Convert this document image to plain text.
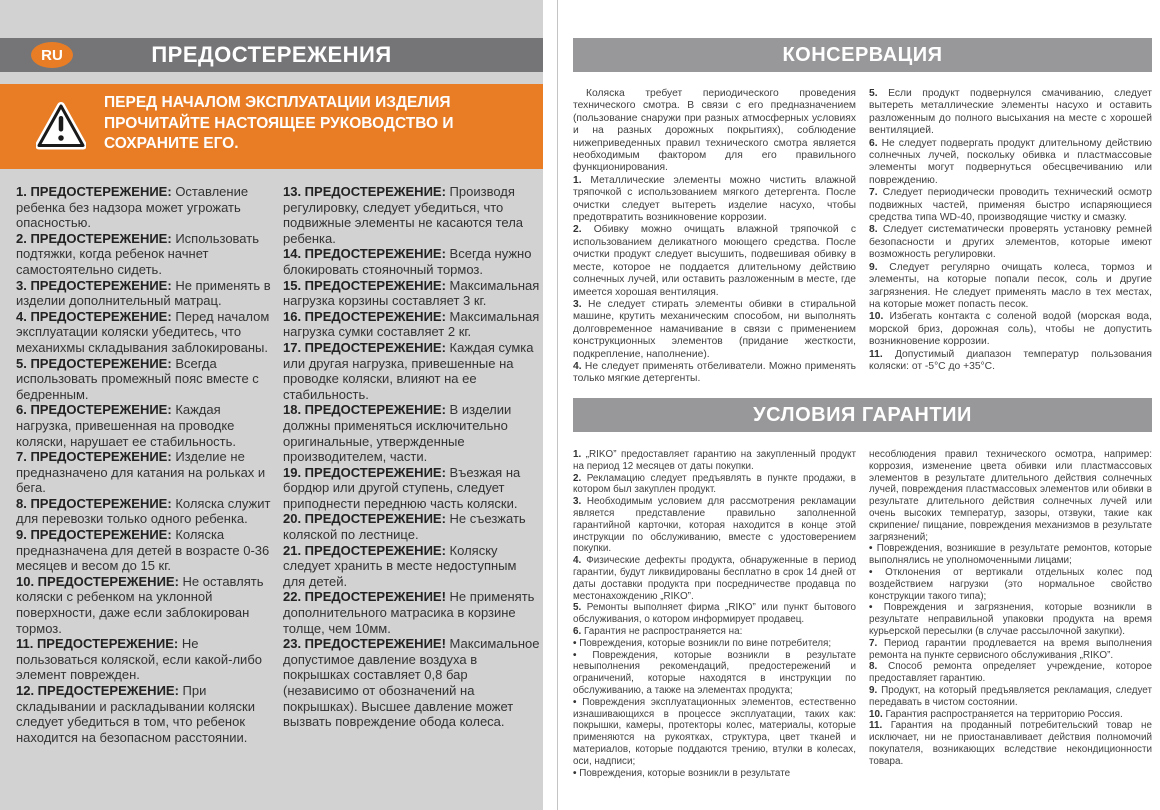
RU	ПРЕДОСТЕРЕЖЕНИЯ

ПЕРЕД НАЧАЛОМ ЭКСПЛУАТАЦИИ ИЗДЕЛИЯ ПРОЧИТАЙТЕ НАСТОЯЩЕЕ РУКОВОДСТВО И СОХРАНИТЕ ЕГО.

1. ПРЕДОСТЕРЕЖЕНИЕ: Оставление ребенка без надзора может угрожать опасностью.

2. ПРЕДОСТЕРЕЖЕНИЕ: Использовать подтяжки, когда ребенок начнет самостоятельно сидеть.

3. ПРЕДОСТЕРЕЖЕНИЕ: Не применять в изделии дополнительный матрац.

4. ПРЕДОСТЕРЕЖЕНИЕ: Перед началом эксплуатации коляски убедитесь, что механихмы складывания заблокированы.

5. ПРЕДОСТЕРЕЖЕНИЕ: Всегда использовать промежный пояс вместе с бедренным.

6. ПРЕДОСТЕРЕЖЕНИЕ: Каждая нагрузка, привешенная на проводке коляски, нарушает ее стабильность.

7. ПРЕДОСТЕРЕЖЕНИЕ: Изделие не предназначено для катания на рольках и бега.

8. ПРЕДОСТЕРЕЖЕНИЕ: Коляска служит для перевозки только одного ребенка.

9. ПРЕДОСТЕРЕЖЕНИЕ: Коляска предназначена для детей в возрасте 0-36 месяцев и весом до 15 кг.

10. ПРЕДОСТЕРЕЖЕНИЕ: Не оставлять коляски с ребенком на уклонной поверхности, даже если заблокирован тормоз.

11. ПРЕДОСТЕРЕЖЕНИЕ: Не пользоваться коляской, если какой-либо элемент поврежден.

12. ПРЕДОСТЕРЕЖЕНИЕ: При складывании и раскладывании коляски следует убедиться в том, что ребенок находится на безопасном расстоянии.

13. ПРЕДОСТЕРЕЖЕНИЕ: Производя регулировку, следует убедиться, что подвижные элементы не касаются тела ребенка.

14. ПРЕДОСТЕРЕЖЕНИЕ: Всегда нужно блокировать стояночный тормоз.

15. ПРЕДОСТЕРЕЖЕНИЕ: Максимальная нагрузка корзины составляет 3 кг.

16. ПРЕДОСТЕРЕЖЕНИЕ: Максимальная нагрузка сумки составляет 2 кг.

17. ПРЕДОСТЕРЕЖЕНИЕ: Каждая сумка или другая нагрузка, привешенные на проводке коляски, влияют на ее стабильность.

18. ПРЕДОСТЕРЕЖЕНИЕ: В изделии должны применяться исключительно оригинальные, утвержденные производителем, части.

19. ПРЕДОСТЕРЕЖЕНИЕ: Въезжая на бордюр или другой ступень, следует приподнести переднюю часть коляски.

20. ПРЕДОСТЕРЕЖЕНИЕ: Не съезжать коляской по лестнице.

21. ПРЕДОСТЕРЕЖЕНИЕ: Коляску следует хранить в месте недоступным для детей.

22. ПРЕДОСТЕРЕЖЕНИЕ! Не применять дополнительного матрасика в корзине толще, чем 10мм.

23. ПРЕДОСТЕРЕЖЕНИЕ! Максимальное допустимое давление воздуха в покрышках составляет 0,8 бар (независимо от обозначений на покрышках). Высшее давление может вызвать повреждение обода колеса.

КОНСЕРВАЦИЯ

Коляска требует периодического проведения технического смотра. В связи с его предназначением (пользование снаружи при разных атмосферных условиях и на разных дорожных покрытиях), соблюдение нижеприведенных правил технического смотра является необходимым фактором для его правильного функционирования.

1. Металлические элементы можно чистить влажной тряпочкой с использованием мягкого детергента. После очистки следует вытереть изделие насухо, чтобы предотвратить возникновение коррозии.

2. Обивку можно очищать влажной тряпочкой с использованием деликатного моющего средства. После очистки продукт следует высушить, подвешивая обивку в месте, которое не поддается длительному действию солнечных лучей, или оставить разложенным в месте, где имеется хорошая вентиляция.

3. Не следует стирать элементы обивки в стиральной машине, крутить механическим способом, ни выполнять долговременное намачивание в связи с применением конструкционных элементов (придание жесткости, подкрепление, наполнение).

4. Не следует применять отбеливатели. Можно применять только мягкие детергенты.

5. Если продукт подвернулся смачиванию, следует вытереть металлические элементы насухо и оставить разложенным до полного высыхания на месте с хорошей вентиляцией.

6. Не следует подвергать продукт длительному действию солнечных лучей, поскольку обивка и пластмассовые элементы могут подвернуться обесцвечиванию или повреждению.

7. Следует периодически проводить технический осмотр подвижных частей, применяя быстро испаряющиеся средства типа WD-40, производящие чистку и смазку.

8. Следует систематически проверять установку ремней безопасности и других элементов, которые имеют возможность регулировки.

9. Следует регулярно очищать колеса, тормоз и элементы, на которые попали песок, соль и другие загрязнения. Не следует применять масло в тех местах, на которые может попасть песок.

10. Избегать контакта с соленой водой (морская вода, морской бриз, дорожная соль), чтобы не допустить возникновение коррозии.

11. Допустимый диапазон температур пользования коляски: от -5°C до +35°C.

УСЛОВИЯ ГАРАНТИИ

1. „RIKO” предоставляет гарантию на закупленный продукт на период 12 месяцев от даты покупки.

2. Рекламацию следует предъявлять в пункте продажи, в котором был закуплен продукт.

3. Необходимым условием для рассмотрения рекламации является представление правильно заполненной гарантийной карточки, которая находится в конце этой инструкции по обслуживанию, вместе с удостоверением покупки.

4. Физические дефекты продукта, обнаруженные в период гарантии, будут ликвидированы бесплатно в срок 14 дней от даты доставки продукта при посредничестве продавца по местонахождению „RIKO”.

5. Ремонты выполняет фирма „RIKO” или пункт бытового обслуживания, о котором информирует продавец.

6. Гарантия не распространяется на:

• Повреждения, которые возникли по вине потребителя;

• Повреждения, которые возникли в результате невыполнения рекомендаций, предостережений и ограничений, которые находятся в инструкции по обслуживанию, а также на элементах продукта;

• Повреждения эксплуатационных элементов, естественно изнашивающихся в процессе эксплуатации, таких как: покрышки, камеры, протекторы колес, материалы, которые применяются на рукоятках, структура, цвет тканей и материалов, которые поддаются трению, втулки в колесах, оси, надписи;

• Повреждения, которые возникли в результате

несоблюдения правил технического осмотра, например: коррозия, изменение цвета обивки или пластмассовых элементов в результате длительного действия солнечных лучей, повреждения пластмассовых элементов или обивки в результате длительного действия солнечных лучей или очень высоких температур, зазоры, отзвуки, такие как скрипение/ пищание, повреждения механизмов в результате загрязнений;

• Повреждения, возникшие в результате ремонтов, которые выполнялись не уполномоченными лицами;

• Отклонения от вертикали отдельных колес под воздействием нагрузки (это нормальное свойство конструкции такого типа);

• Повреждения и загрязнения, которые возникли в результате неправильной упаковки продукта на время курьерской пересылки (в случае рассылочной закупки).

7. Период гарантии продлевается на время выполнения ремонта на пункте сервисного обслуживания „RIKO”.

8. Способ ремонта определяет учреждение, которое предоставляет гарантию.

9. Продукт, на который предъявляется рекламация, следует передавать в чистом состоянии.

10. Гарантия распространяется на территорию Россия.

11. Гарантия на проданный потребительский товар не исключает, ни не приостанавливает действия полномочий покупателя, возникающих вследствие некондиционности товара.
